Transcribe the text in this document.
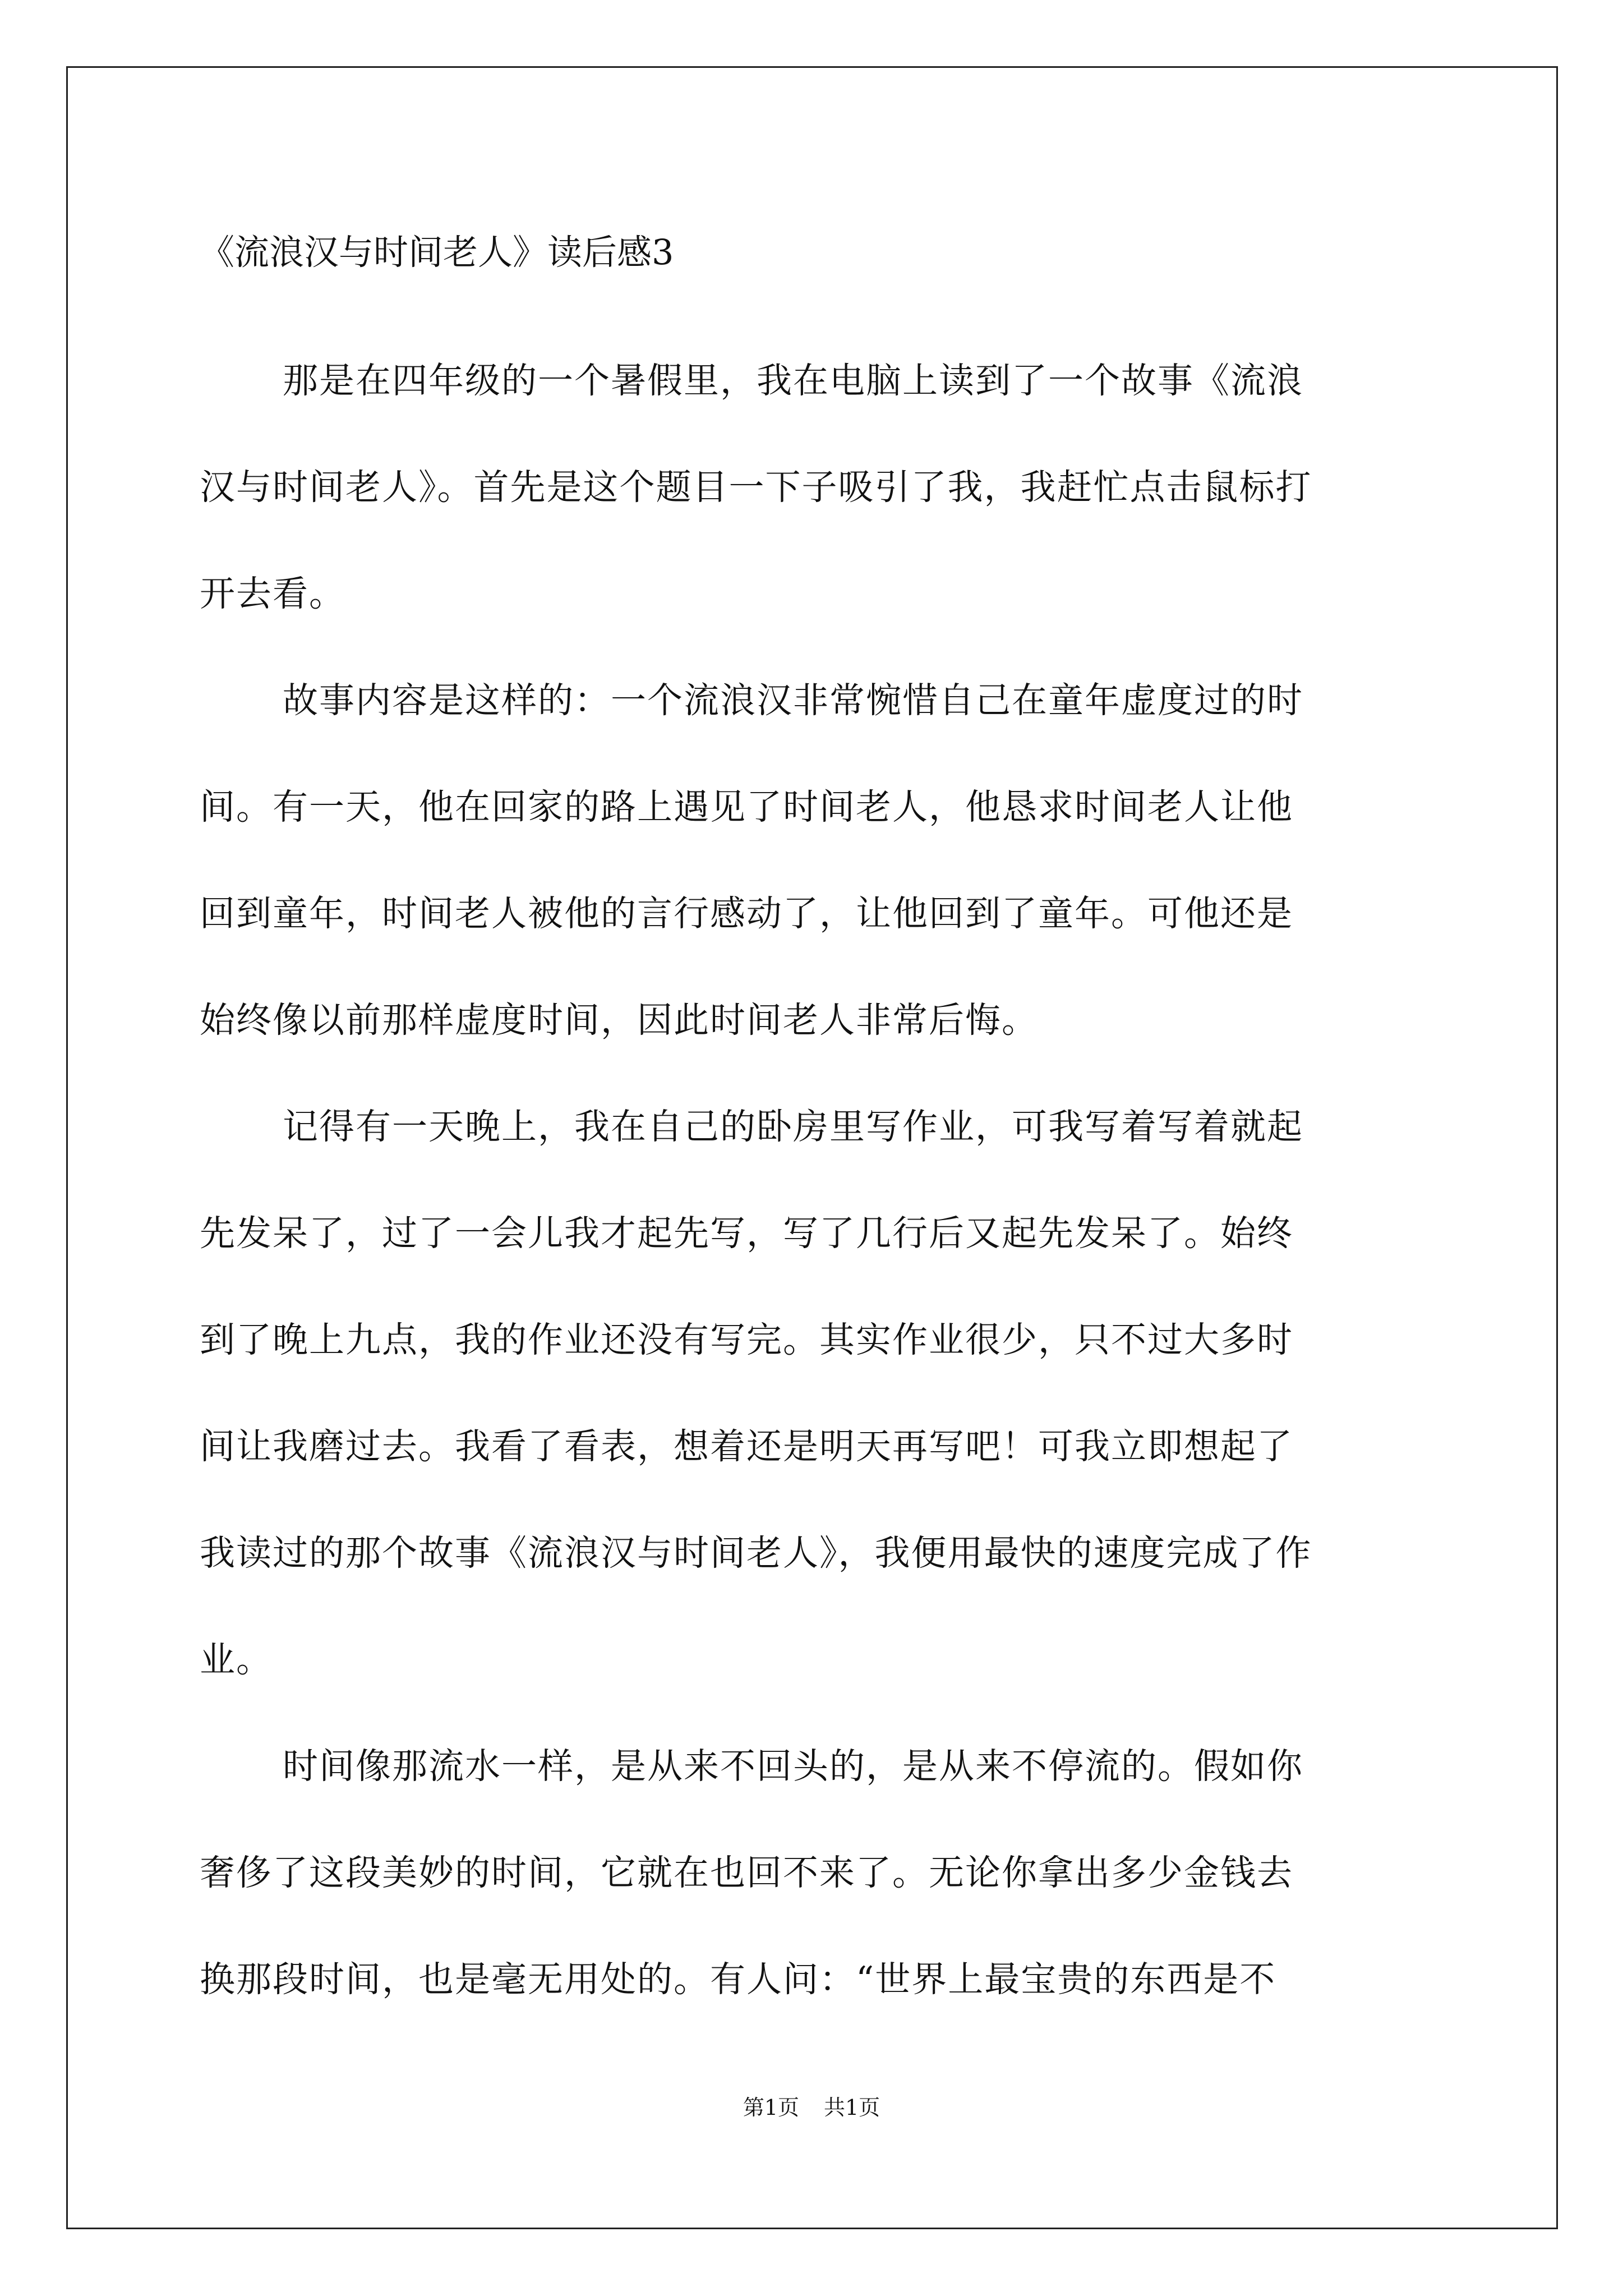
《流浪汉与时间老人》读后感3
那是在四年级的一个暑假里，我在电脑上读到了一个故事《流浪
汉与时间老人》。首先是这个题目一下子吸引了我，我赶忙点击鼠标打
开去看。
故事内容是这样的：一个流浪汉非常惋惜自己在童年虚度过的时
间。有一天，他在回家的路上遇见了时间老人，他恳求时间老人让他
回到童年，时间老人被他的言行感动了，让他回到了童年。可他还是
始终像以前那样虚度时间，因此时间老人非常后悔。
记得有一天晚上，我在自己的卧房里写作业，可我写着写着就起
先发呆了，过了一会儿我才起先写，写了几行后又起先发呆了。始终
到了晚上九点，我的作业还没有写完。其实作业很少，只不过大多时
间让我磨过去。我看了看表，想着还是明天再写吧！可我立即想起了
我读过的那个故事《流浪汉与时间老人》，我便用最快的速度完成了作
业。
时间像那流水一样，是从来不回头的，是从来不停流的。假如你
奢侈了这段美妙的时间，它就在也回不来了。无论你拿出多少金钱去
换那段时间，也是毫无用处的。有人问：“世界上最宝贵的东西是不
第1页 共1页
